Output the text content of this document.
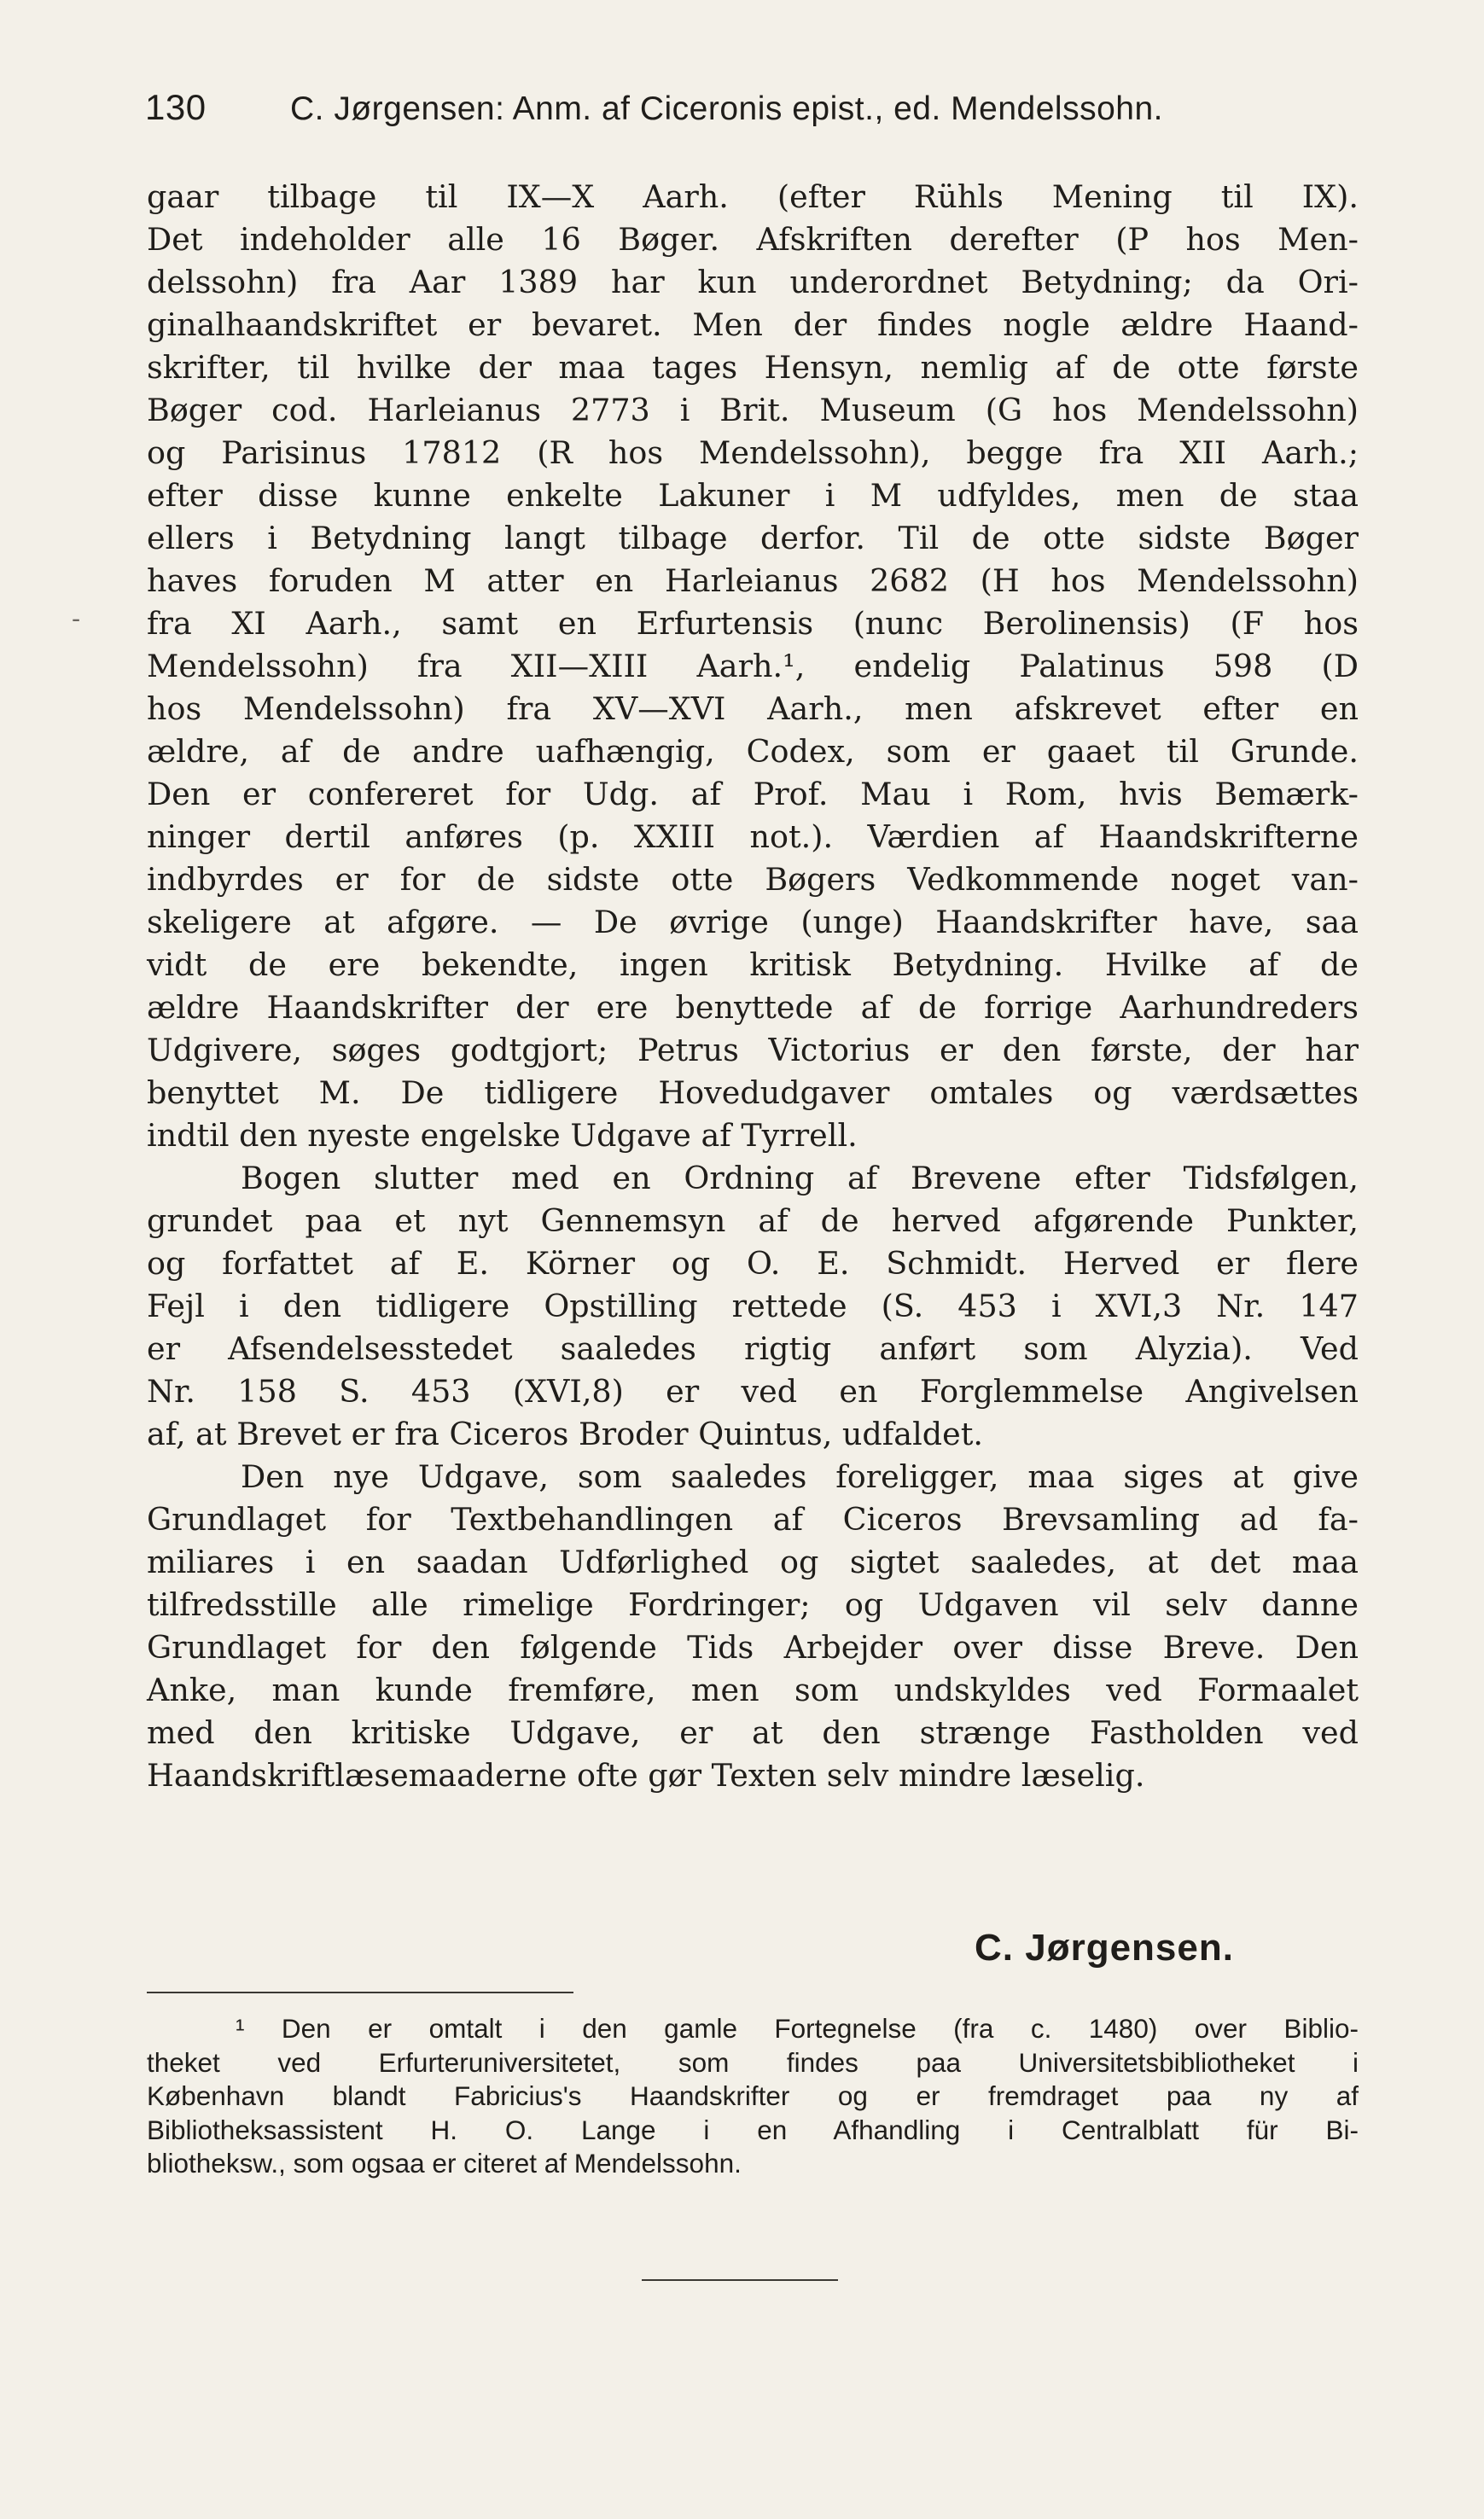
130	C. Jørgensen: Anm. af Ciceronis epist., ed. Mendelssohn.
-
gaar tilbage til IX—X Aarh. (efter Rühls Mening til IX).
Det indeholder alle 16 Bøger. Afskriften derefter (P hos Men-
delssohn) fra Aar 1389 har kun underordnet Betydning; da Ori-
ginalhaandskriftet er bevaret. Men der findes nogle ældre Haand-
skrifter, til hvilke der maa tages Hensyn, nemlig af de otte første
Bøger cod. Harleianus 2773 i Brit. Museum (G hos Mendelssohn)
og Parisinus 17812 (R hos Mendelssohn), begge fra XII Aarh.;
efter disse kunne enkelte Lakuner i M udfyldes, men de staa
ellers i Betydning langt tilbage derfor. Til de otte sidste Bøger
haves foruden M atter en Harleianus 2682 (H hos Mendelssohn)
fra XI Aarh., samt en Erfurtensis (nunc Berolinensis) (F hos
Mendelssohn) fra XII—XIII Aarh.¹, endelig Palatinus 598 (D
hos Mendelssohn) fra XV—XVI Aarh., men afskrevet efter en
ældre, af de andre uafhængig, Codex, som er gaaet til Grunde.
Den er confereret for Udg. af Prof. Mau i Rom, hvis Bemærk-
ninger dertil anføres (p. XXIII not.). Værdien af Haandskrifterne
indbyrdes er for de sidste otte Bøgers Vedkommende noget van-
skeligere at afgøre. — De øvrige (unge) Haandskrifter have, saa
vidt de ere bekendte, ingen kritisk Betydning. Hvilke af de
ældre Haandskrifter der ere benyttede af de forrige Aarhundreders
Udgivere, søges godtgjort; Petrus Victorius er den første, der har
benyttet M. De tidligere Hovedudgaver omtales og værdsættes
indtil den nyeste engelske Udgave af Tyrrell.
Bogen slutter med en Ordning af Brevene efter Tidsfølgen,
grundet paa et nyt Gennemsyn af de herved afgørende Punkter,
og forfattet af E. Körner og O. E. Schmidt. Herved er flere
Fejl i den tidligere Opstilling rettede (S. 453 i XVI,3 Nr. 147
er Afsendelsesstedet saaledes rigtig anført som Alyzia). Ved
Nr. 158 S. 453 (XVI,8) er ved en Forglemmelse Angivelsen
af, at Brevet er fra Ciceros Broder Quintus, udfaldet.
Den nye Udgave, som saaledes foreligger, maa siges at give
Grundlaget for Textbehandlingen af Ciceros Brevsamling ad fa-
miliares i en saadan Udførlighed og sigtet saaledes, at det maa
tilfredsstille alle rimelige Fordringer; og Udgaven vil selv danne
Grundlaget for den følgende Tids Arbejder over disse Breve. Den
Anke, man kunde fremføre, men som undskyldes ved Formaalet
med den kritiske Udgave, er at den strænge Fastholden ved
Haandskriftlæsemaaderne ofte gør Texten selv mindre læselig.
C. Jørgensen.
¹ Den er omtalt i den gamle Fortegnelse (fra c. 1480) over Biblio-
theket ved Erfurteruniversitetet, som findes paa Universitetsbibliotheket i
København blandt Fabricius's Haandskrifter og er fremdraget paa ny af
Bibliotheksassistent H. O. Lange i en Afhandling i Centralblatt für Bi-
bliotheksw., som ogsaa er citeret af Mendelssohn.
